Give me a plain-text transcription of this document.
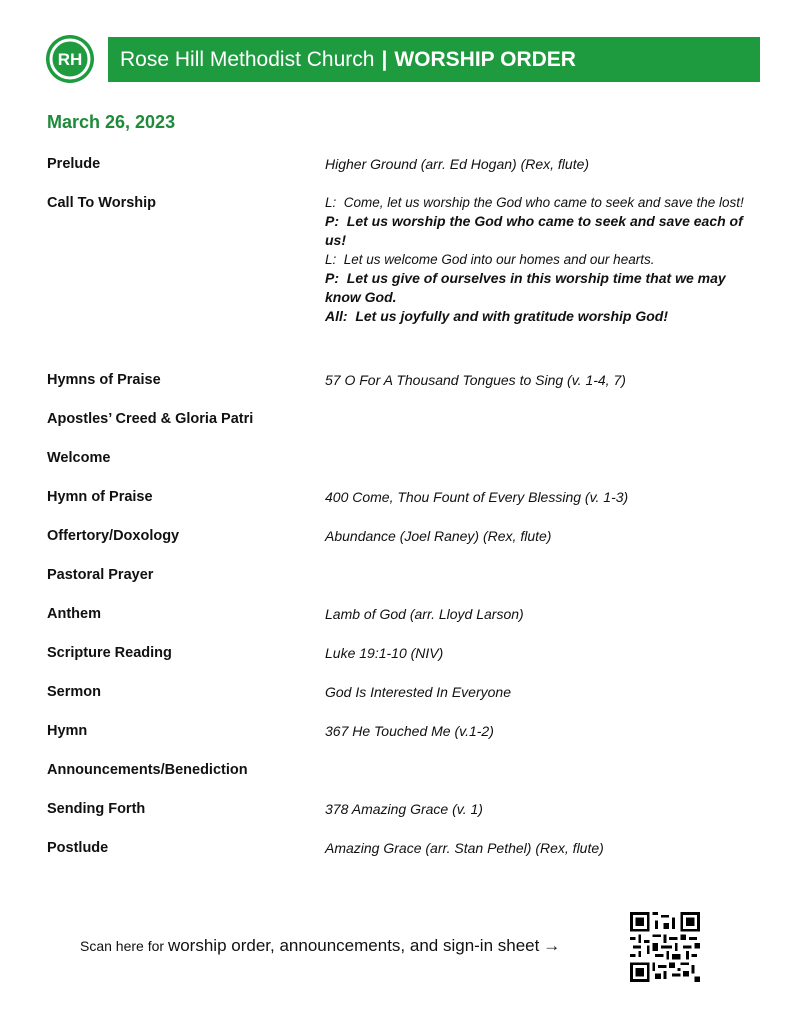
RH Rose Hill Methodist Church | WORSHIP ORDER
March 26, 2023
Prelude	Higher Ground (arr. Ed Hogan) (Rex, flute)
Call To Worship	L: Come, let us worship the God who came to seek and save the lost!
P: Let us worship the God who came to seek and save each of us!
L: Let us welcome God into our homes and our hearts.
P: Let us give of ourselves in this worship time that we may know God.
All: Let us joyfully and with gratitude worship God!
Hymns of Praise	57 O For A Thousand Tongues to Sing (v. 1-4, 7)
Apostles’ Creed & Gloria Patri
Welcome
Hymn of Praise	400 Come, Thou Fount of Every Blessing (v. 1-3)
Offertory/Doxology	Abundance (Joel Raney) (Rex, flute)
Pastoral Prayer
Anthem	Lamb of God (arr. Lloyd Larson)
Scripture Reading	Luke 19:1-10 (NIV)
Sermon	God Is Interested In Everyone
Hymn	367 He Touched Me (v.1-2)
Announcements/Benediction
Sending Forth	378 Amazing Grace (v. 1)
Postlude	Amazing Grace (arr. Stan Pethel) (Rex, flute)
Scan here for worship order, announcements, and sign-in sheet →
